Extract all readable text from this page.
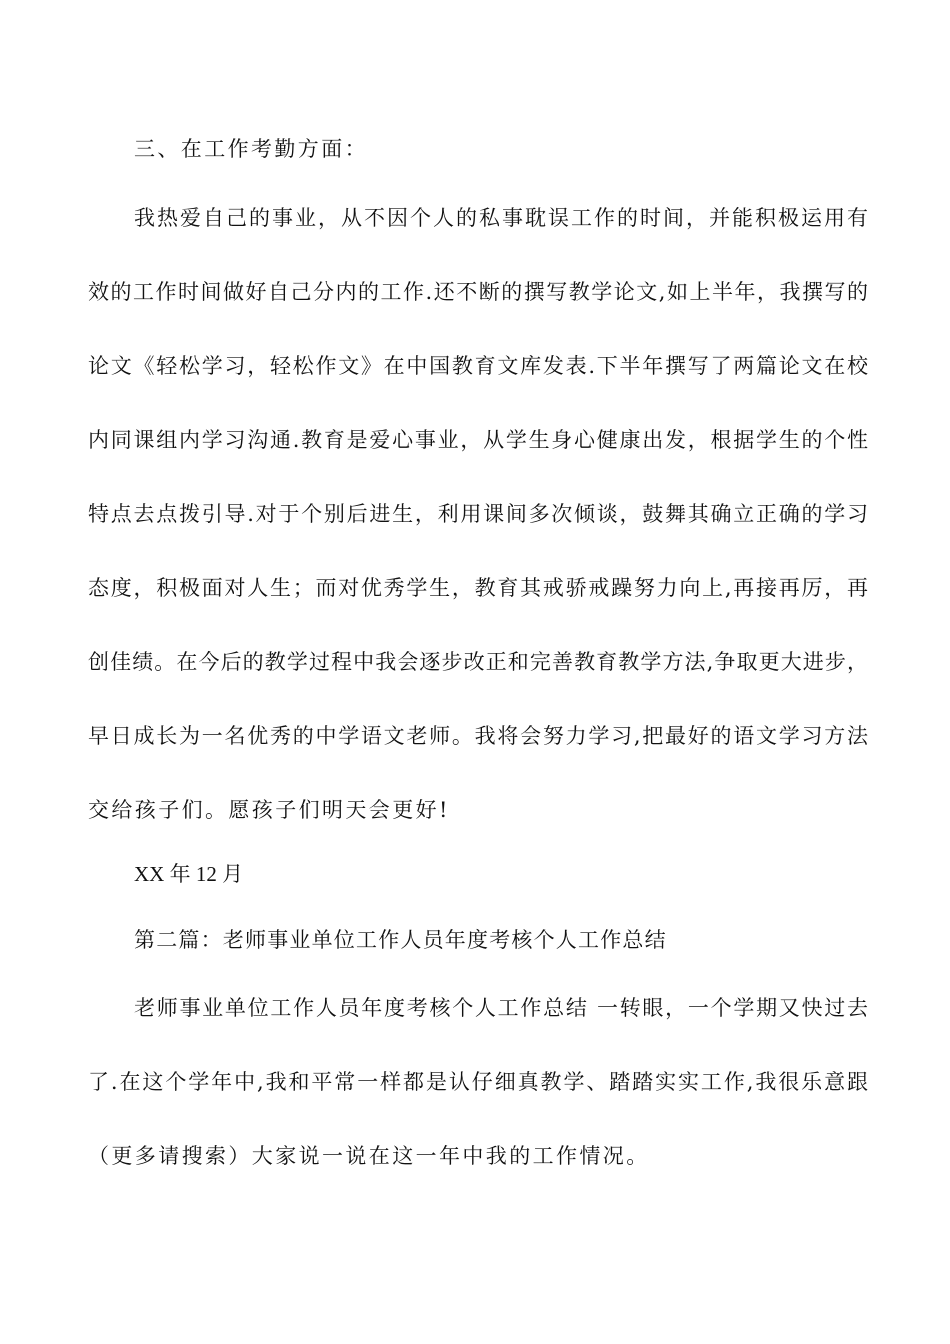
三、在工作考勤方面：

我热爱自己的事业，从不因个人的私事耽误工作的时间，并能积极运用有

效的工作时间做好自己分内的工作.还不断的撰写教学论文,如上半年，我撰写的

论文《轻松学习，轻松作文》在中国教育文库发表.下半年撰写了两篇论文在校

内同课组内学习沟通.教育是爱心事业，从学生身心健康出发，根据学生的个性

特点去点拨引导.对于个别后进生，利用课间多次倾谈，鼓舞其确立正确的学习

态度，积极面对人生；而对优秀学生，教育其戒骄戒躁努力向上,再接再厉，再

创佳绩。在今后的教学过程中我会逐步改正和完善教育教学方法,争取更大进步，

早日成长为一名优秀的中学语文老师。我将会努力学习,把最好的语文学习方法

交给孩子们。愿孩子们明天会更好!

XX 年 12 月

第二篇：老师事业单位工作人员年度考核个人工作总结

老师事业单位工作人员年度考核个人工作总结 一转眼，一个学期又快过去

了.在这个学年中,我和平常一样都是认仔细真教学、踏踏实实工作,我很乐意跟

（更多请搜索）大家说一说在这一年中我的工作情况。
